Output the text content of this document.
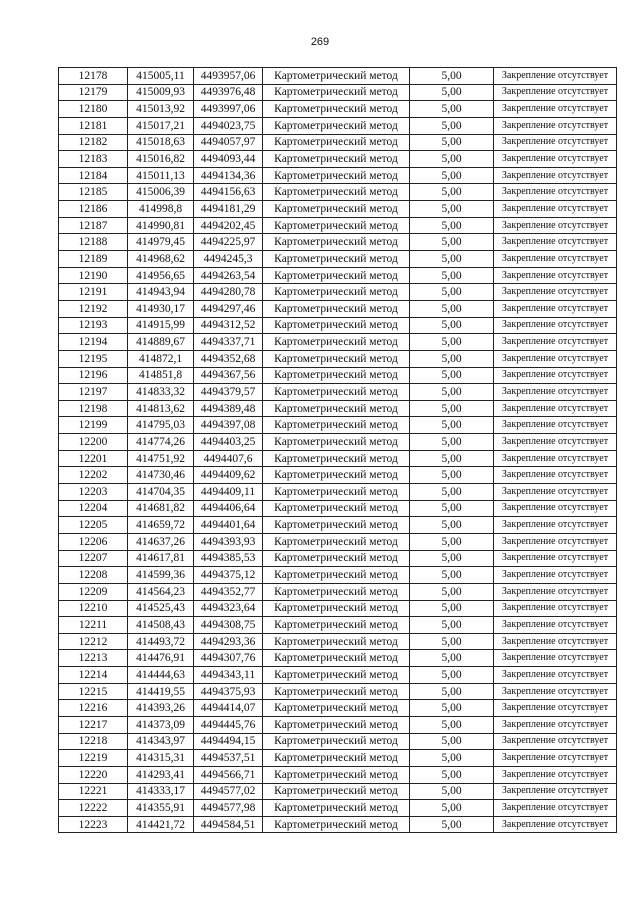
269
12178	415005,11	4493957,06	Картометрический метод	5,00	Закрепление отсутствует
12179	415009,93	4493976,48	Картометрический метод	5,00	Закрепление отсутствует
12180	415013,92	4493997,06	Картометрический метод	5,00	Закрепление отсутствует
12181	415017,21	4494023,75	Картометрический метод	5,00	Закрепление отсутствует
12182	415018,63	4494057,97	Картометрический метод	5,00	Закрепление отсутствует
12183	415016,82	4494093,44	Картометрический метод	5,00	Закрепление отсутствует
12184	415011,13	4494134,36	Картометрический метод	5,00	Закрепление отсутствует
12185	415006,39	4494156,63	Картометрический метод	5,00	Закрепление отсутствует
12186	414998,8	4494181,29	Картометрический метод	5,00	Закрепление отсутствует
12187	414990,81	4494202,45	Картометрический метод	5,00	Закрепление отсутствует
12188	414979,45	4494225,97	Картометрический метод	5,00	Закрепление отсутствует
12189	414968,62	4494245,3	Картометрический метод	5,00	Закрепление отсутствует
12190	414956,65	4494263,54	Картометрический метод	5,00	Закрепление отсутствует
12191	414943,94	4494280,78	Картометрический метод	5,00	Закрепление отсутствует
12192	414930,17	4494297,46	Картометрический метод	5,00	Закрепление отсутствует
12193	414915,99	4494312,52	Картометрический метод	5,00	Закрепление отсутствует
12194	414889,67	4494337,71	Картометрический метод	5,00	Закрепление отсутствует
12195	414872,1	4494352,68	Картометрический метод	5,00	Закрепление отсутствует
12196	414851,8	4494367,56	Картометрический метод	5,00	Закрепление отсутствует
12197	414833,32	4494379,57	Картометрический метод	5,00	Закрепление отсутствует
12198	414813,62	4494389,48	Картометрический метод	5,00	Закрепление отсутствует
12199	414795,03	4494397,08	Картометрический метод	5,00	Закрепление отсутствует
12200	414774,26	4494403,25	Картометрический метод	5,00	Закрепление отсутствует
12201	414751,92	4494407,6	Картометрический метод	5,00	Закрепление отсутствует
12202	414730,46	4494409,62	Картометрический метод	5,00	Закрепление отсутствует
12203	414704,35	4494409,11	Картометрический метод	5,00	Закрепление отсутствует
12204	414681,82	4494406,64	Картометрический метод	5,00	Закрепление отсутствует
12205	414659,72	4494401,64	Картометрический метод	5,00	Закрепление отсутствует
12206	414637,26	4494393,93	Картометрический метод	5,00	Закрепление отсутствует
12207	414617,81	4494385,53	Картометрический метод	5,00	Закрепление отсутствует
12208	414599,36	4494375,12	Картометрический метод	5,00	Закрепление отсутствует
12209	414564,23	4494352,77	Картометрический метод	5,00	Закрепление отсутствует
12210	414525,43	4494323,64	Картометрический метод	5,00	Закрепление отсутствует
12211	414508,43	4494308,75	Картометрический метод	5,00	Закрепление отсутствует
12212	414493,72	4494293,36	Картометрический метод	5,00	Закрепление отсутствует
12213	414476,91	4494307,76	Картометрический метод	5,00	Закрепление отсутствует
12214	414444,63	4494343,11	Картометрический метод	5,00	Закрепление отсутствует
12215	414419,55	4494375,93	Картометрический метод	5,00	Закрепление отсутствует
12216	414393,26	4494414,07	Картометрический метод	5,00	Закрепление отсутствует
12217	414373,09	4494445,76	Картометрический метод	5,00	Закрепление отсутствует
12218	414343,97	4494494,15	Картометрический метод	5,00	Закрепление отсутствует
12219	414315,31	4494537,51	Картометрический метод	5,00	Закрепление отсутствует
12220	414293,41	4494566,71	Картометрический метод	5,00	Закрепление отсутствует
12221	414333,17	4494577,02	Картометрический метод	5,00	Закрепление отсутствует
12222	414355,91	4494577,98	Картометрический метод	5,00	Закрепление отсутствует
12223	414421,72	4494584,51	Картометрический метод	5,00	Закрепление отсутствует
